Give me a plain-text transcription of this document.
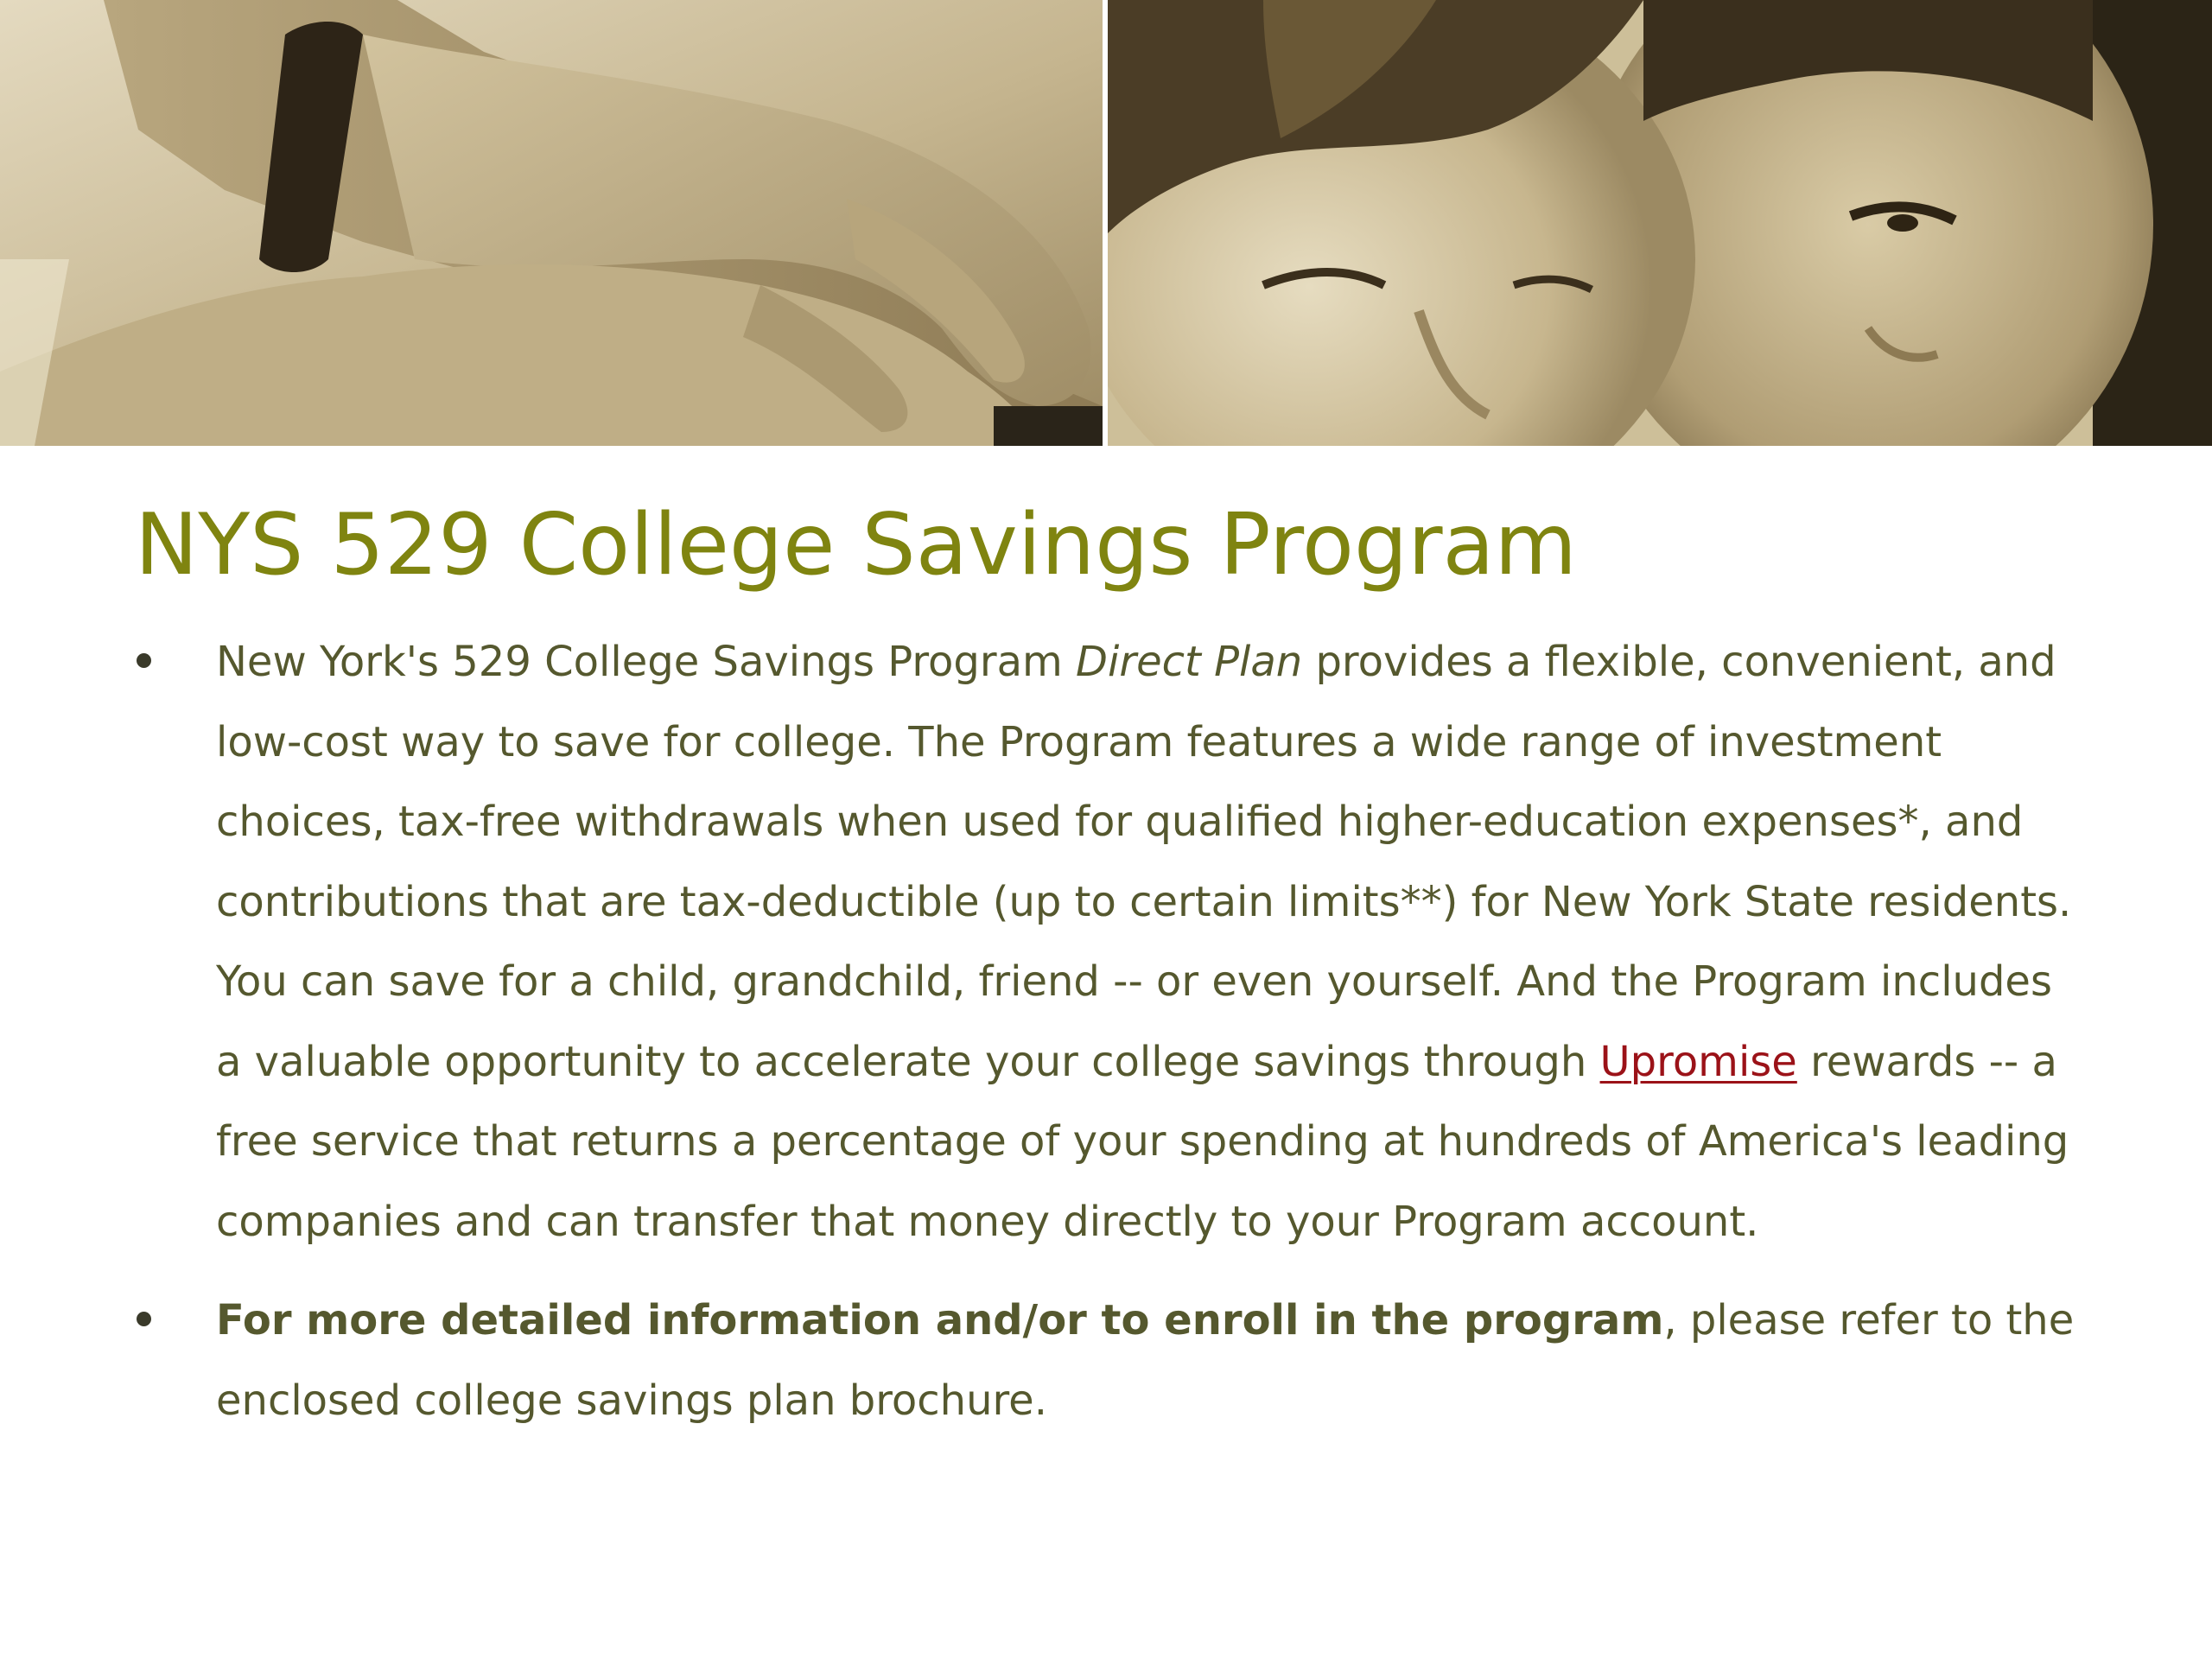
NYS 529 College Savings Program

New York's 529 College Savings Program Direct Plan provides a flexible, convenient, and low-cost way to save for college. The Program features a wide range of investment choices, tax-free withdrawals when used for qualified higher-education expenses*, and contributions that are tax-deductible (up to certain limits**) for New York State residents.

You can save for a child, grandchild, friend -- or even yourself. And the Program includes a valuable opportunity to accelerate your college savings through Upromise rewards -- a free service that returns a percentage of your spending at hundreds of America's leading companies and can transfer that money directly to your Program account.

For more detailed information and/or to enroll in the program, please refer to the enclosed college savings plan brochure.
